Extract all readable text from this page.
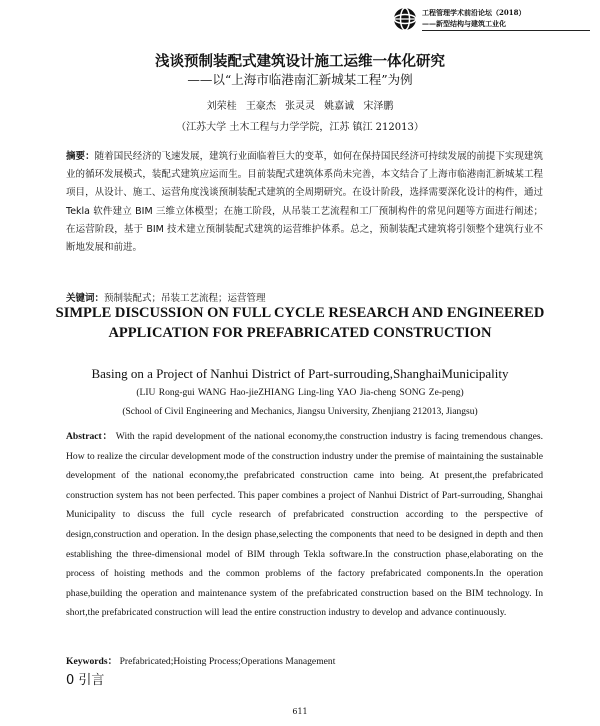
工程管理学术前沿论坛（2018）
——新型结构与建筑工业化
浅谈预制装配式建筑设计施工运维一体化研究
——以“上海市临港南汇新城某工程”为例
刘荣桂 王豪杰 张灵灵 姚嘉诚 宋泽鹏
（江苏大学 土木工程与力学学院，江苏 镇江 212013）
摘要：随着国民经济的飞速发展，建筑行业面临着巨大的变革，如何在保持国民经济可持续发展的前提下实现建筑业的循环发展模式，装配式建筑应运而生。目前装配式建筑体系尚未完善，本文结合了上海市临港南汇新城某工程项目，从设计、施工、运营角度浅谈预制装配式建筑的全周期研究。在设计阶段，选择需要深化设计的构件，通过 Tekla 软件建立 BIM 三维立体模型；在施工阶段，从吊装工艺流程和工厂预制构件的常见问题等方面进行阐述；在运营阶段，基于 BIM 技术建立预制装配式建筑的运营维护体系。总之，预制装配式建筑将引领整个建筑行业不断地发展和前进。
关键词：预制装配式；吊装工艺流程；运营管理
SIMPLE DISCUSSION ON FULL CYCLE RESEARCH AND ENGINEERED APPLICATION FOR PREFABRICATED CONSTRUCTION
Basing on a Project of Nanhui District of Part-surrouding,ShanghaiMunicipality
(LIU Rong-gui WANG Hao-jieZHIANG Ling-ling YAO Jia-cheng SONG Ze-peng)
(School of Civil Engineering and Mechanics, Jiangsu University, Zhenjiang 212013, Jiangsu)
Abstract： With the rapid development of the national economy,the construction industry is facing tremendous changes. How to realize the circular development mode of the construction industry under the premise of maintaining the sustainable development of the national economy,the prefabricated construction came into being. At present,the prefabricated construction system has not been perfected. This paper combines a project of Nanhui District of Part-surrouding, Shanghai Municipality to discuss the full cycle research of prefabricated construction according to the perspective of design,construction and operation. In the design phase,selecting the components that need to be designed in depth and then establishing the three-dimensional model of BIM through Tekla software.In the construction phase,elaborating on the process of hoisting methods and the common problems of the factory prefabricated components.In the operation phase,building the operation and maintenance system of the prefabricated construction based on the BIM technology. In short,the prefabricated construction will lead the entire construction industry to develop and advance continuously.
Keywords： Prefabricated;Hoisting Process;Operations Management
0 引言
611
